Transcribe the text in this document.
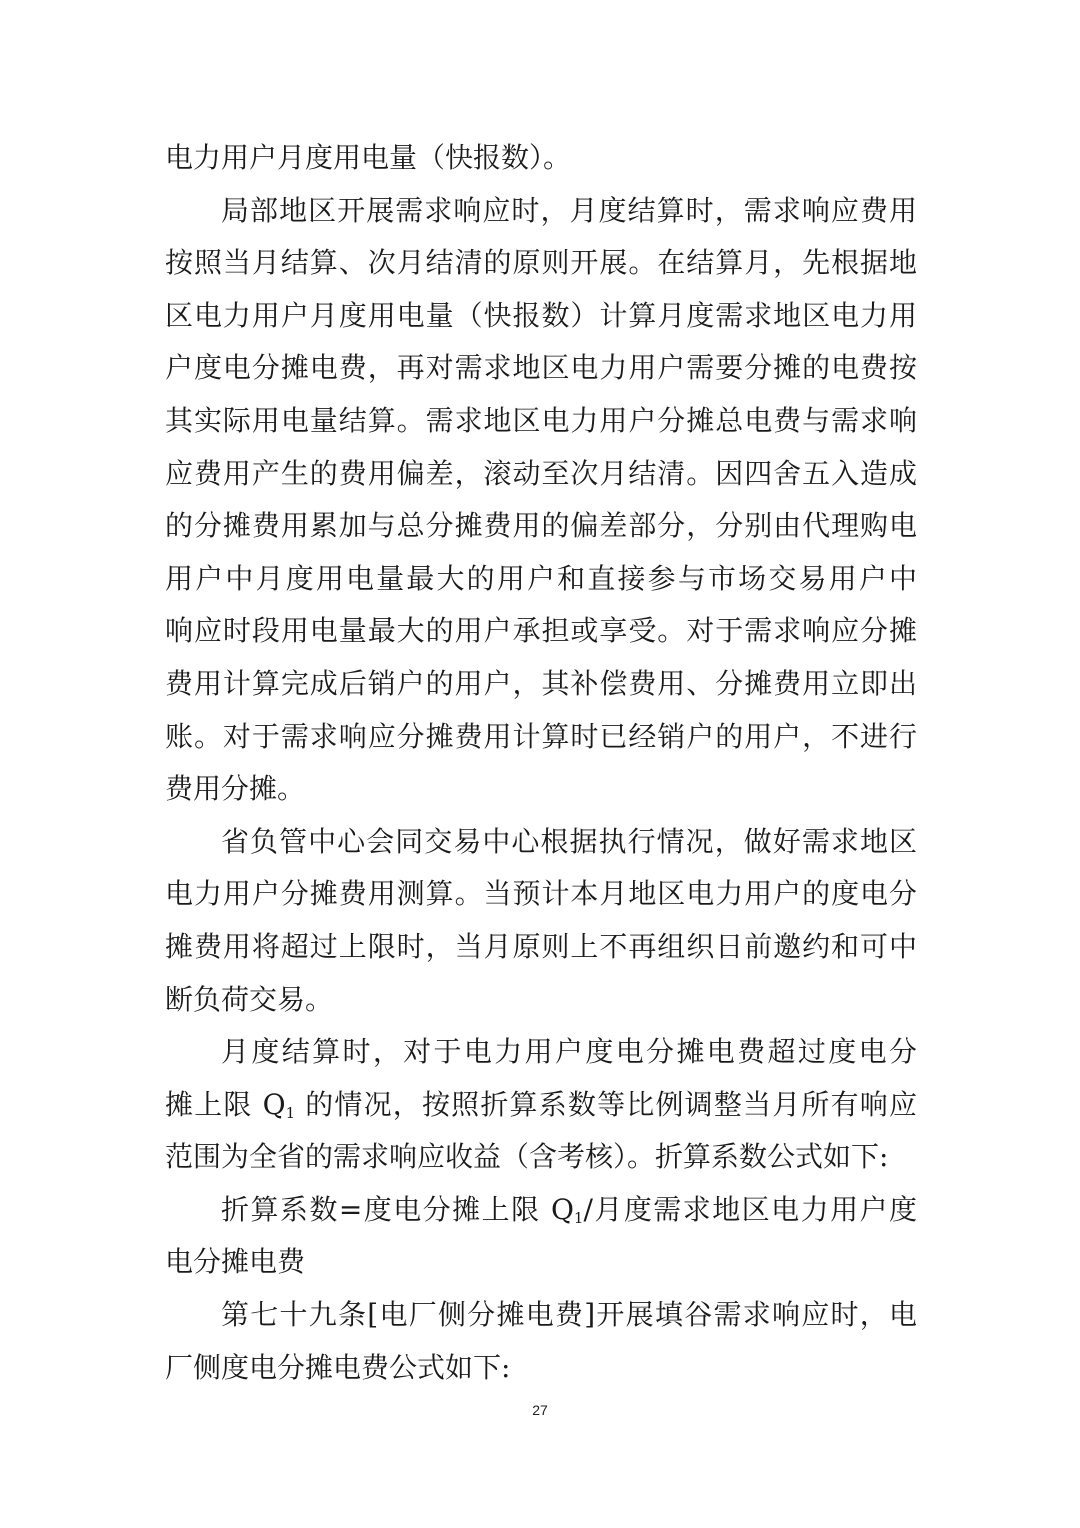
电力用户月度用电量（快报数）。
局部地区开展需求响应时，月度结算时，需求响应费用
按照当月结算、次月结清的原则开展。在结算月，先根据地
区电力用户月度用电量（快报数）计算月度需求地区电力用
户度电分摊电费，再对需求地区电力用户需要分摊的电费按
其实际用电量结算。需求地区电力用户分摊总电费与需求响
应费用产生的费用偏差，滚动至次月结清。因四舍五入造成
的分摊费用累加与总分摊费用的偏差部分，分别由代理购电
用户中月度用电量最大的用户和直接参与市场交易用户中
响应时段用电量最大的用户承担或享受。对于需求响应分摊
费用计算完成后销户的用户，其补偿费用、分摊费用立即出
账。对于需求响应分摊费用计算时已经销户的用户，不进行
费用分摊。
省负管中心会同交易中心根据执行情况，做好需求地区
电力用户分摊费用测算。当预计本月地区电力用户的度电分
摊费用将超过上限时，当月原则上不再组织日前邀约和可中
断负荷交易。
月度结算时，对于电力用户度电分摊电费超过度电分
摊上限 $Q_1$ 的情况，按照折算系数等比例调整当月所有响应
范围为全省的需求响应收益（含考核）。折算系数公式如下:
折算系数=度电分摊上限 $Q_1/$月度需求地区电力用户度
电分摊电费
第七十九条[电厂侧分摊电费]开展填谷需求响应时，电
厂侧度电分摊电费公式如下:
27
